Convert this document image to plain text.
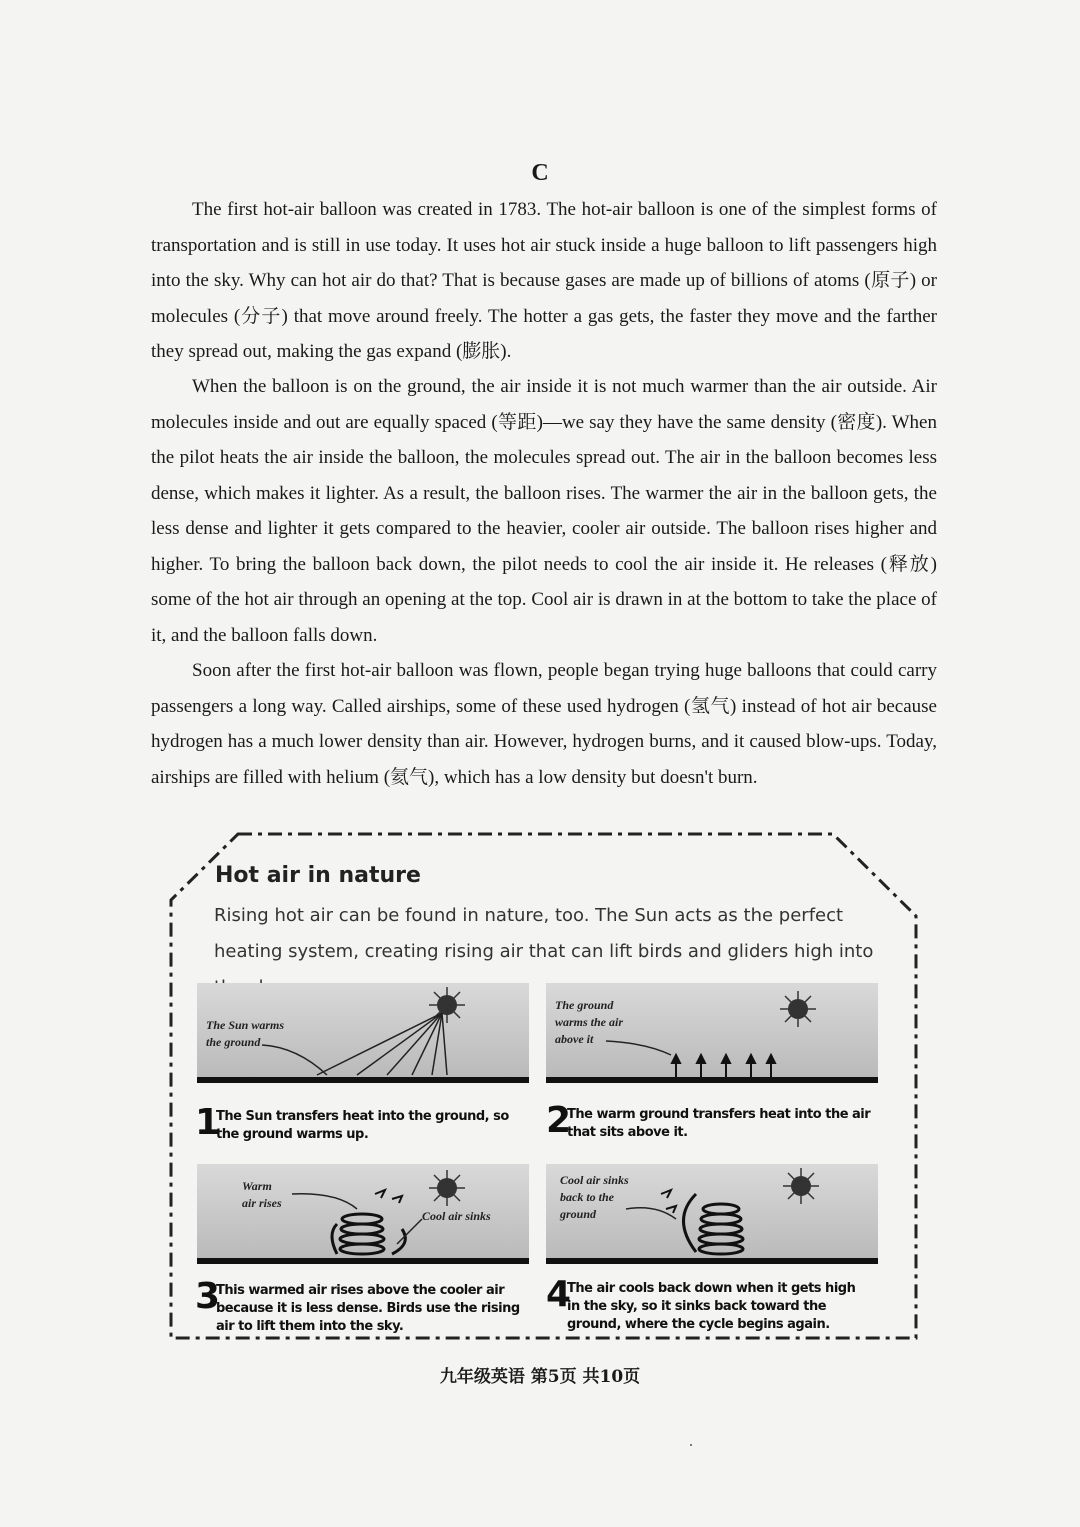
C

The first hot-air balloon was created in 1783. The hot-air balloon is one of the simplest forms of transportation and is still in use today. It uses hot air stuck inside a huge balloon to lift passengers high into the sky. Why can hot air do that? That is because gases are made up of billions of atoms (原子) or molecules (分子) that move around freely. The hotter a gas gets, the faster they move and the farther they spread out, making the gas expand (膨胀).

When the balloon is on the ground, the air inside it is not much warmer than the air outside. Air molecules inside and out are equally spaced (等距)—we say they have the same density (密度). When the pilot heats the air inside the balloon, the molecules spread out. The air in the balloon becomes less dense, which makes it lighter. As a result, the balloon rises. The warmer the air in the balloon gets, the less dense and lighter it gets compared to the heavier, cooler air outside. The balloon rises higher and higher. To bring the balloon back down, the pilot needs to cool the air inside it. He releases (释放) some of the hot air through an opening at the top. Cool air is drawn in at the bottom to take the place of it, and the balloon falls down.

Soon after the first hot-air balloon was flown, people began trying huge balloons that could carry passengers a long way. Called airships, some of these used hydrogen (氢气) instead of hot air because hydrogen has a much lower density than air. However, hydrogen burns, and it caused blow-ups. Today, airships are filled with helium (氦气), which has a low density but doesn't burn.

Hot air in nature
Rising hot air can be found in nature, too. The Sun acts as the perfect heating system, creating rising air that can lift birds and gliders high into
The Sun warms
the ground
The ground
warms the air
above it
1
The Sun transfers heat into the ground, so the ground warms up.	2
The warm ground transfers heat into the air that sits above it.
Warm
air rises
Cool air sinks
Cool air sinks
back to the
ground
3
This warmed air rises above the cooler air because it is less dense. Birds use the rising air to lift them into the sky.
4
The air cools back down when it gets high in the sky, so it sinks back toward the ground, where the cycle begins again.
九年级英语 第5页 共10页
